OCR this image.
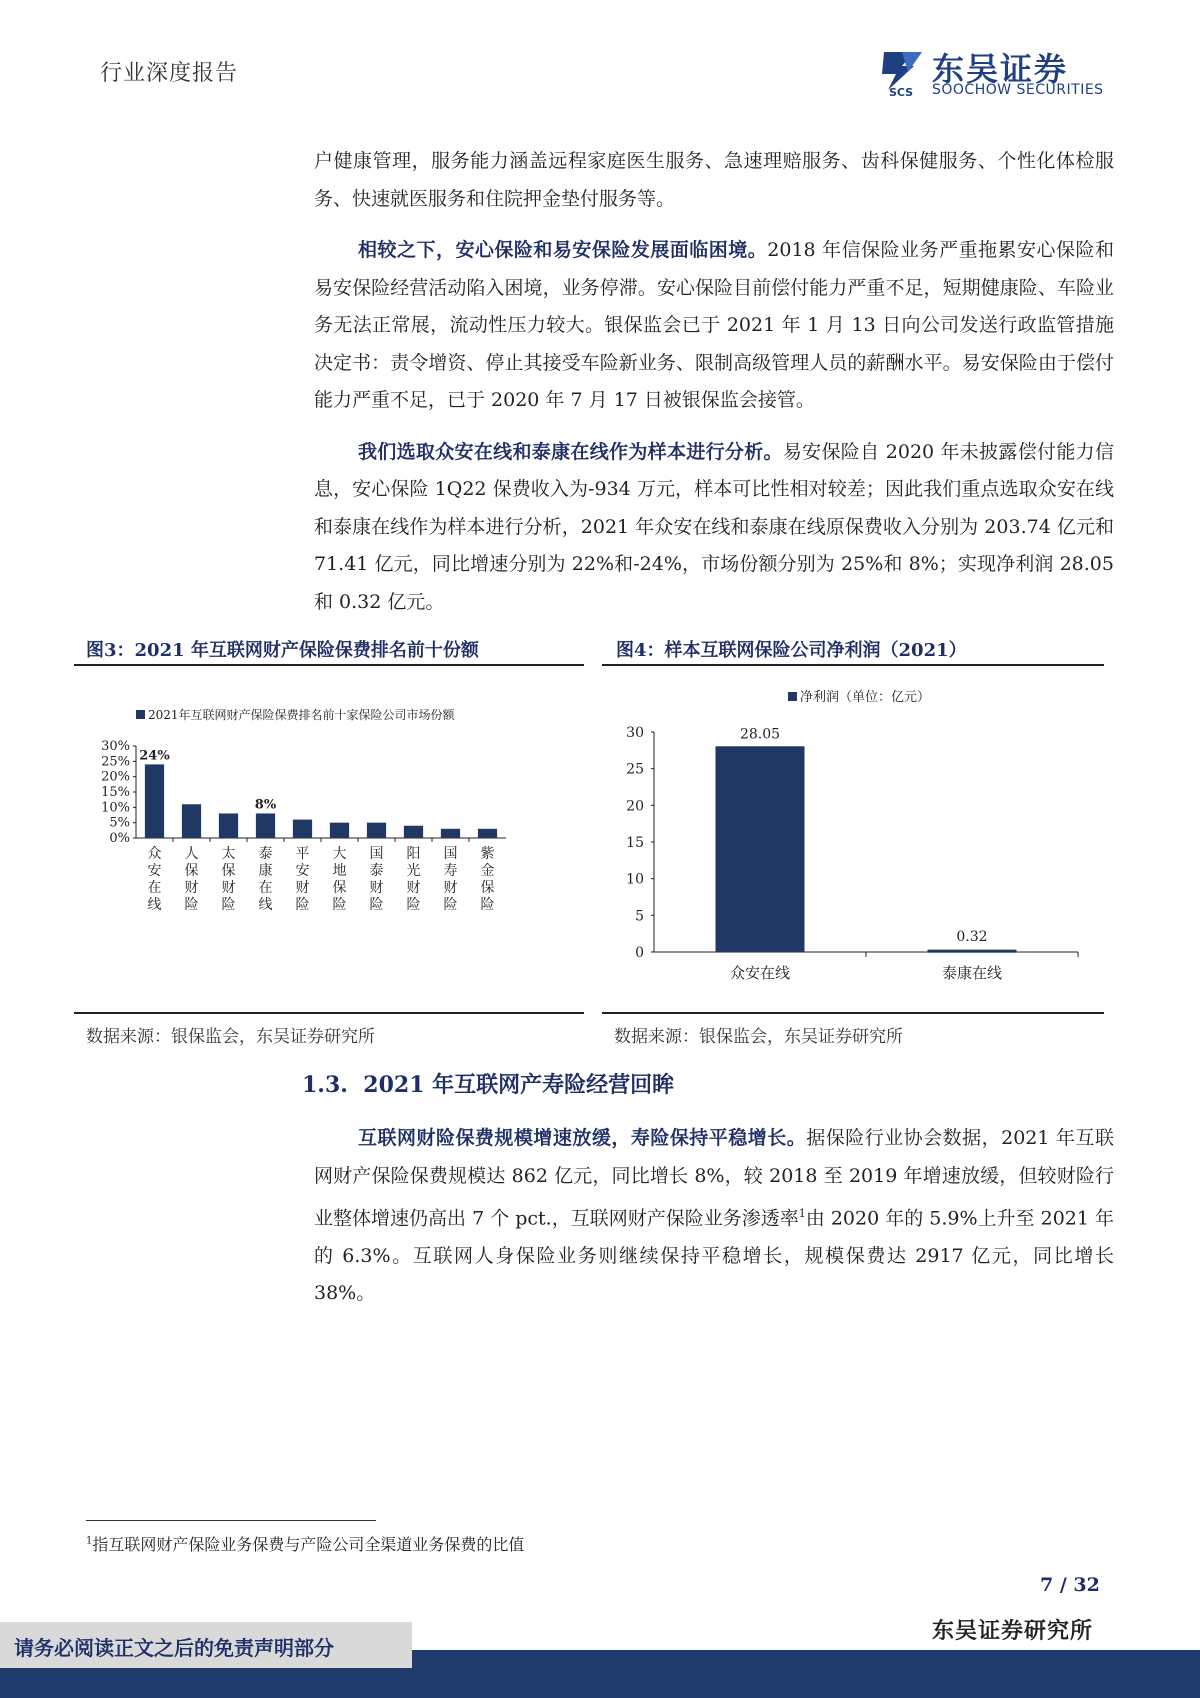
行业深度报告
SCS
东吴证券
SOOCHOW SECURITIES

户健康管理，服务能力涵盖远程家庭医生服务、急速理赔服务、齿科保健服务、个性化体检服务、快速就医服务和住院押金垫付服务等。

相较之下，安心保险和易安保险发展面临困境。2018 年信保险业务严重拖累安心保险和易安保险经营活动陷入困境，业务停滞。安心保险目前偿付能力严重不足，短期健康险、车险业务无法正常展，流动性压力较大。银保监会已于 2021 年 1 月 13 日向公司发送行政监管措施决定书：责令增资、停止其接受车险新业务、限制高级管理人员的薪酬水平。易安保险由于偿付能力严重不足，已于 2020 年 7 月 17 日被银保监会接管。

我们选取众安在线和泰康在线作为样本进行分析。易安保险自 2020 年未披露偿付能力信息，安心保险 1Q22 保费收入为-934 万元，样本可比性相对较差；因此我们重点选取众安在线和泰康在线作为样本进行分析，2021 年众安在线和泰康在线原保费收入分别为 203.74 亿元和 71.41 亿元，同比增速分别为 22%和-24%，市场份额分别为 25%和 8%；实现净利润 28.05 和 0.32 亿元。

图3：2021 年互联网财产保险保费排名前十份额
2021年互联网财产保险保费排名前十家保险公司市场份额
0%
5%
10%
15%
20%
25%
30%
24%
众安在线
人保财险
太保财险
8%
泰康在线
平安财险
大地保险
国泰财险
阳光财险
国寿财险
紫金保险
数据来源：银保监会，东吴证券研究所
图4：样本互联网保险公司净利润（2021）
净利润（单位：亿元）
0
5
10
15
20
25
30	28.05
众安在线
0.32
泰康在线
数据来源：银保监会，东吴证券研究所
1.3. 2021 年互联网产寿险经营回眸

互联网财险保费规模增速放缓，寿险保持平稳增长。据保险行业协会数据，2021 年互联网财产保险保费规模达 862 亿元，同比增长 8%，较 2018 至 2019 年增速放缓，但较财险行业整体增速仍高出 7 个 pct.，互联网财产保险业务渗透率$^1$由 2020 年的 5.9%上升至 2021 年的 6.3%。互联网人身保险业务则继续保持平稳增长，规模保费达 2917 亿元，同比增长 38%。

$^1$指互联网财产保险业务保费与产险公司全渠道业务保费的比值
7 / 32
东吴证券研究所
请务必阅读正文之后的免责声明部分
